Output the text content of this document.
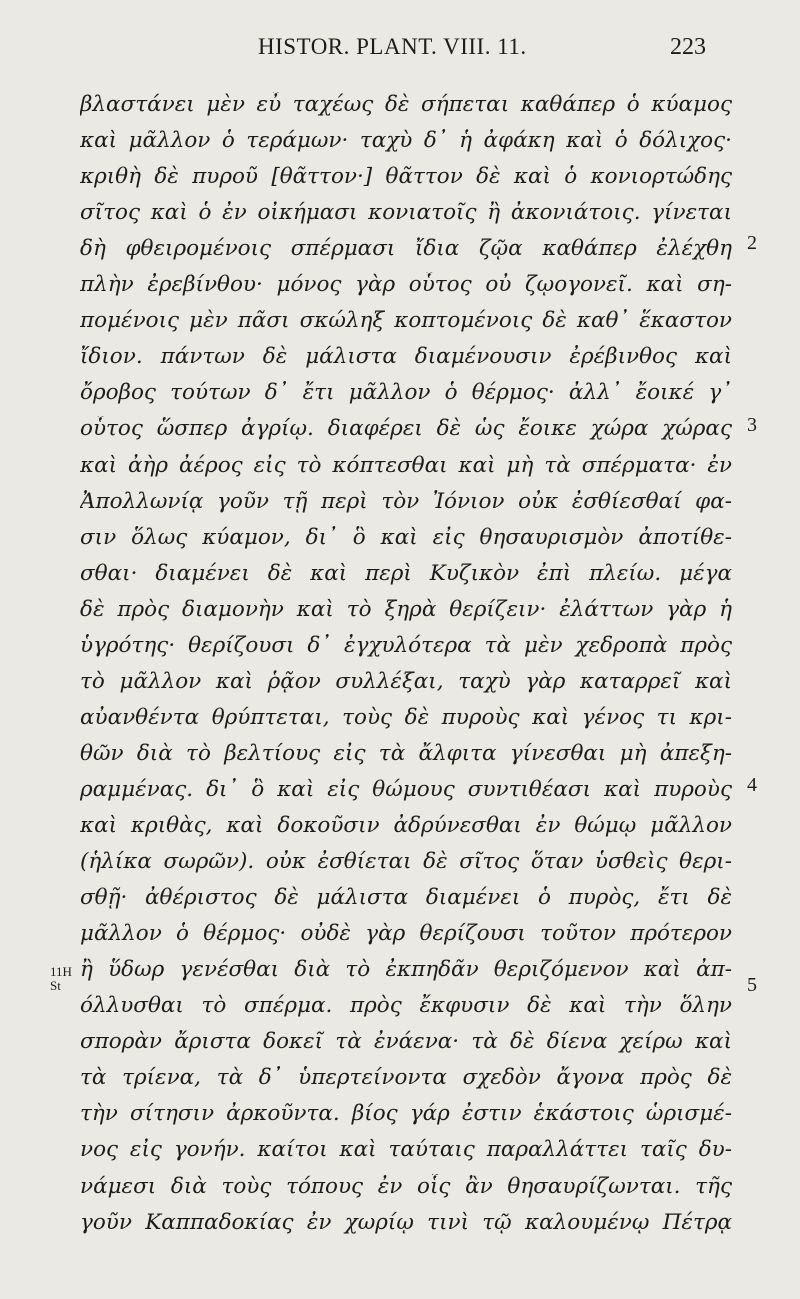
HISTOR. PLANT. VIII. 11.	223
βλαστάνει μὲν εὖ ταχέως δὲ σήπεται καθάπερ ὁ κύαμος
καὶ μᾶλλον ὁ τεράμων· ταχὺ δ᾽ ἡ ἀφάκη καὶ ὁ δόλιχος·
κριθὴ δὲ πυροῦ [θᾶττον·] θᾶττον δὲ καὶ ὁ κονιορτώδης
σῖτος καὶ ὁ ἐν οἰκήμασι κονιατοῖς ἢ ἀκονιάτοις. γίνεται
δὴ φθειρομένοις σπέρμασι ἴδια ζῷα καθάπερ ἐλέχθη
πλὴν ἐρεβίνθου· μόνος γὰρ οὗτος οὐ ζῳογονεῖ. καὶ ση-
πομένοις μὲν πᾶσι σκώληξ κοπτομένοις δὲ καθ᾽ ἕκαστον
ἴδιον. πάντων δὲ μάλιστα διαμένουσιν ἐρέβινθος καὶ
ὄροβος τούτων δ᾽ ἔτι μᾶλλον ὁ θέρμος· ἀλλ᾽ ἔοικέ γ᾽
οὗτος ὥσπερ ἀγρίῳ. διαφέρει δὲ ὡς ἔοικε χώρα χώρας
καὶ ἀὴρ ἀέρος εἰς τὸ κόπτεσθαι καὶ μὴ τὰ σπέρματα· ἐν
Ἀπολλωνίᾳ γοῦν τῇ περὶ τὸν Ἰόνιον οὐκ ἐσθίεσθαί φα-
σιν ὅλως κύαμον, δι᾽ ὃ καὶ εἰς θησαυρισμὸν ἀποτίθε-
σθαι· διαμένει δὲ καὶ περὶ Κυζικὸν ἐπὶ πλείω. μέγα
δὲ πρὸς διαμονὴν καὶ τὸ ξηρὰ θερίζειν· ἐλάττων γὰρ ἡ
ὑγρότης· θερίζουσι δ᾽ ἐγχυλότερα τὰ μὲν χεδροπὰ πρὸς
τὸ μᾶλλον καὶ ῥᾷον συλλέξαι, ταχὺ γὰρ καταρρεῖ καὶ
αὐανθέντα θρύπτεται, τοὺς δὲ πυροὺς καὶ γένος τι κρι-
θῶν διὰ τὸ βελτίους εἰς τὰ ἄλφιτα γίνεσθαι μὴ ἀπεξη-
ραμμένας. δι᾽ ὃ καὶ εἰς θώμους συντιθέασι καὶ πυροὺς
καὶ κριθὰς, καὶ δοκοῦσιν ἀδρύνεσθαι ἐν θώμῳ μᾶλλον
(ἡλίκα σωρῶν). οὐκ ἐσθίεται δὲ σῖτος ὅταν ὑσθεὶς θερι-
σθῇ· ἀθέριστος δὲ μάλιστα διαμένει ὁ πυρὸς, ἔτι δὲ
μᾶλλον ὁ θέρμος· οὐδὲ γὰρ θερίζουσι τοῦτον πρότερον
ἢ ὕδωρ γενέσθαι διὰ τὸ ἐκπηδᾶν θεριζόμενον καὶ ἀπ-
όλλυσθαι τὸ σπέρμα. πρὸς ἔκφυσιν δὲ καὶ τὴν ὅλην
σπορὰν ἄριστα δοκεῖ τὰ ἐνάενα· τὰ δὲ δίενα χείρω καὶ
τὰ τρίενα, τὰ δ᾽ ὑπερτείνοντα σχεδὸν ἄγονα πρὸς δὲ
τὴν σίτησιν ἀρκοῦντα. βίος γάρ ἐστιν ἑκάστοις ὡρισμέ-
νος εἰς γονήν. καίτοι καὶ ταύταις παραλλάττει ταῖς δυ-
νάμεσι διὰ τοὺς τόπους ἐν οἷς ἂν θησαυρίζωνται. τῆς
γοῦν Καππαδοκίας ἐν χωρίῳ τινὶ τῷ καλουμένῳ Πέτρᾳ
2
3
4
5
11H
St
